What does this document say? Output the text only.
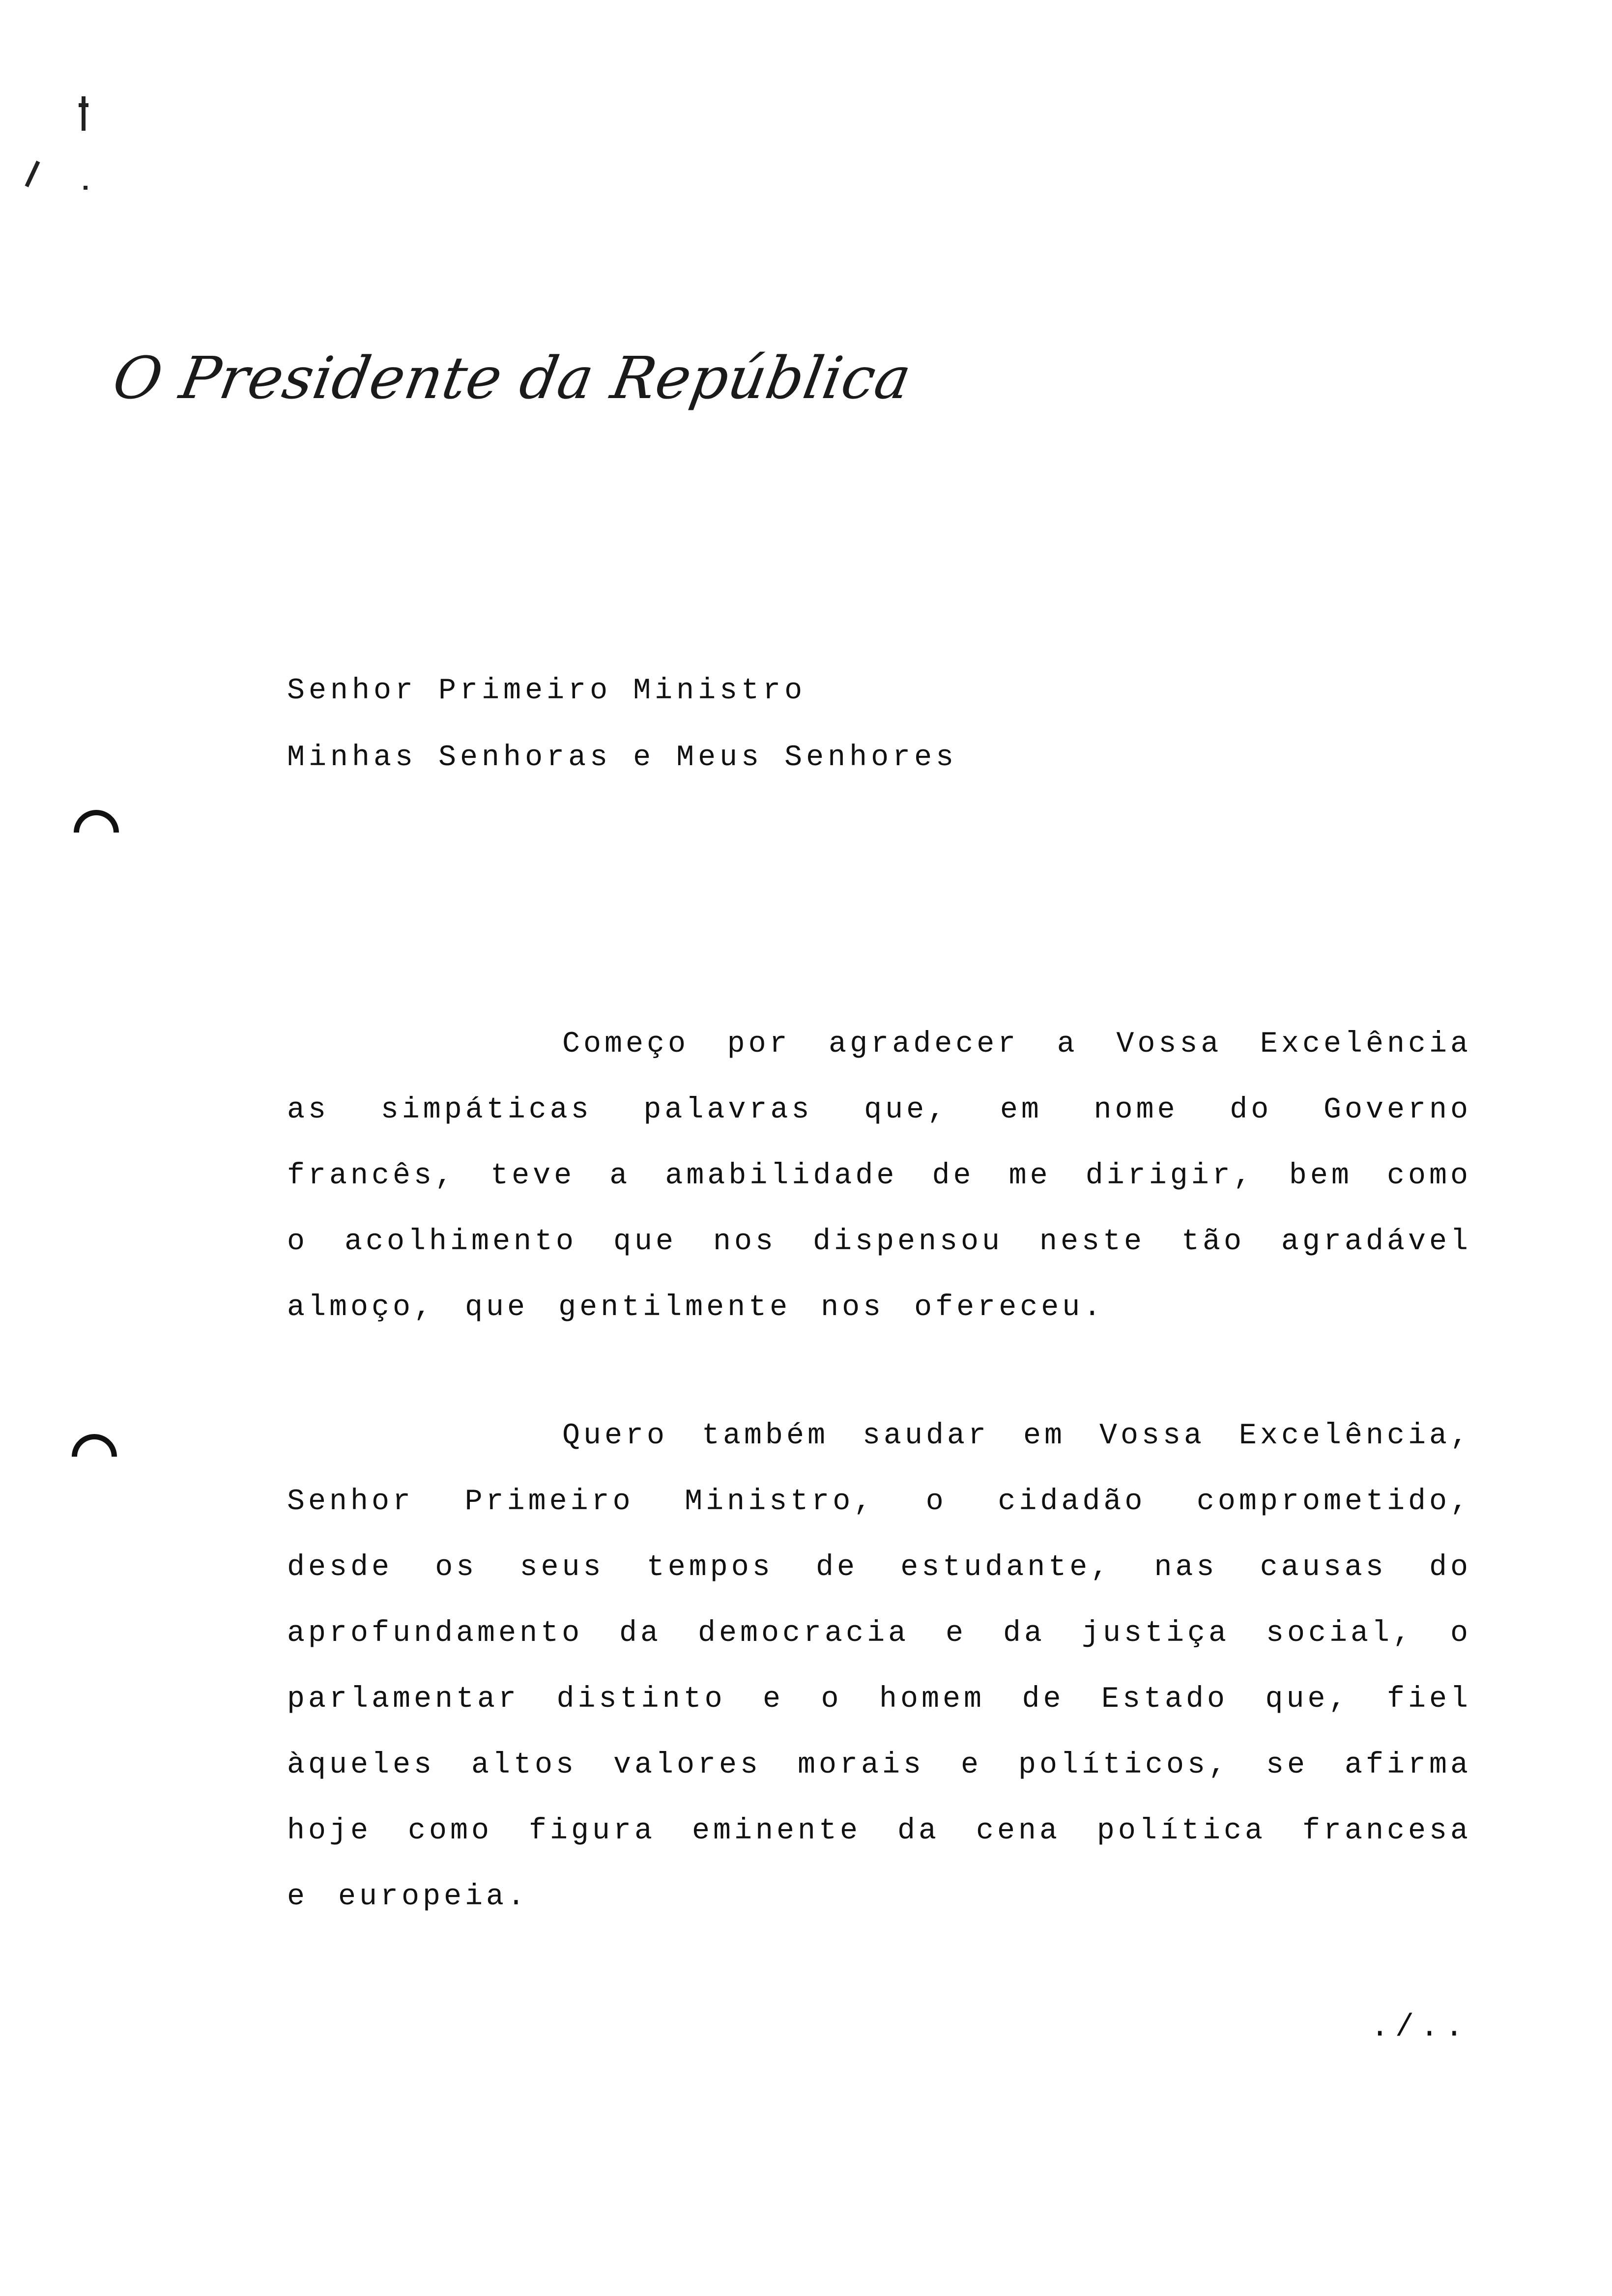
O Presidente da República
Senhor Primeiro Ministro
Minhas Senhoras e Meus Senhores

Começo por agradecer a Vossa Excelência as simpáticas palavras que, em nome do Governo francês, teve a amabilidade de me dirigir, bem como o acolhimento que nos dispensou neste tão agradável almoço, que gentilmente nos ofereceu.

Quero também saudar em Vossa Excelência, Senhor Primeiro Ministro, o cidadão comprometido, desde os seus tempos de estudante, nas causas do aprofundamento da democracia e da justiça social, o parlamentar distinto e o homem de Estado que, fiel àqueles altos valores morais e políticos, se afirma hoje como figura eminente da cena política francesa e europeia.

./..
